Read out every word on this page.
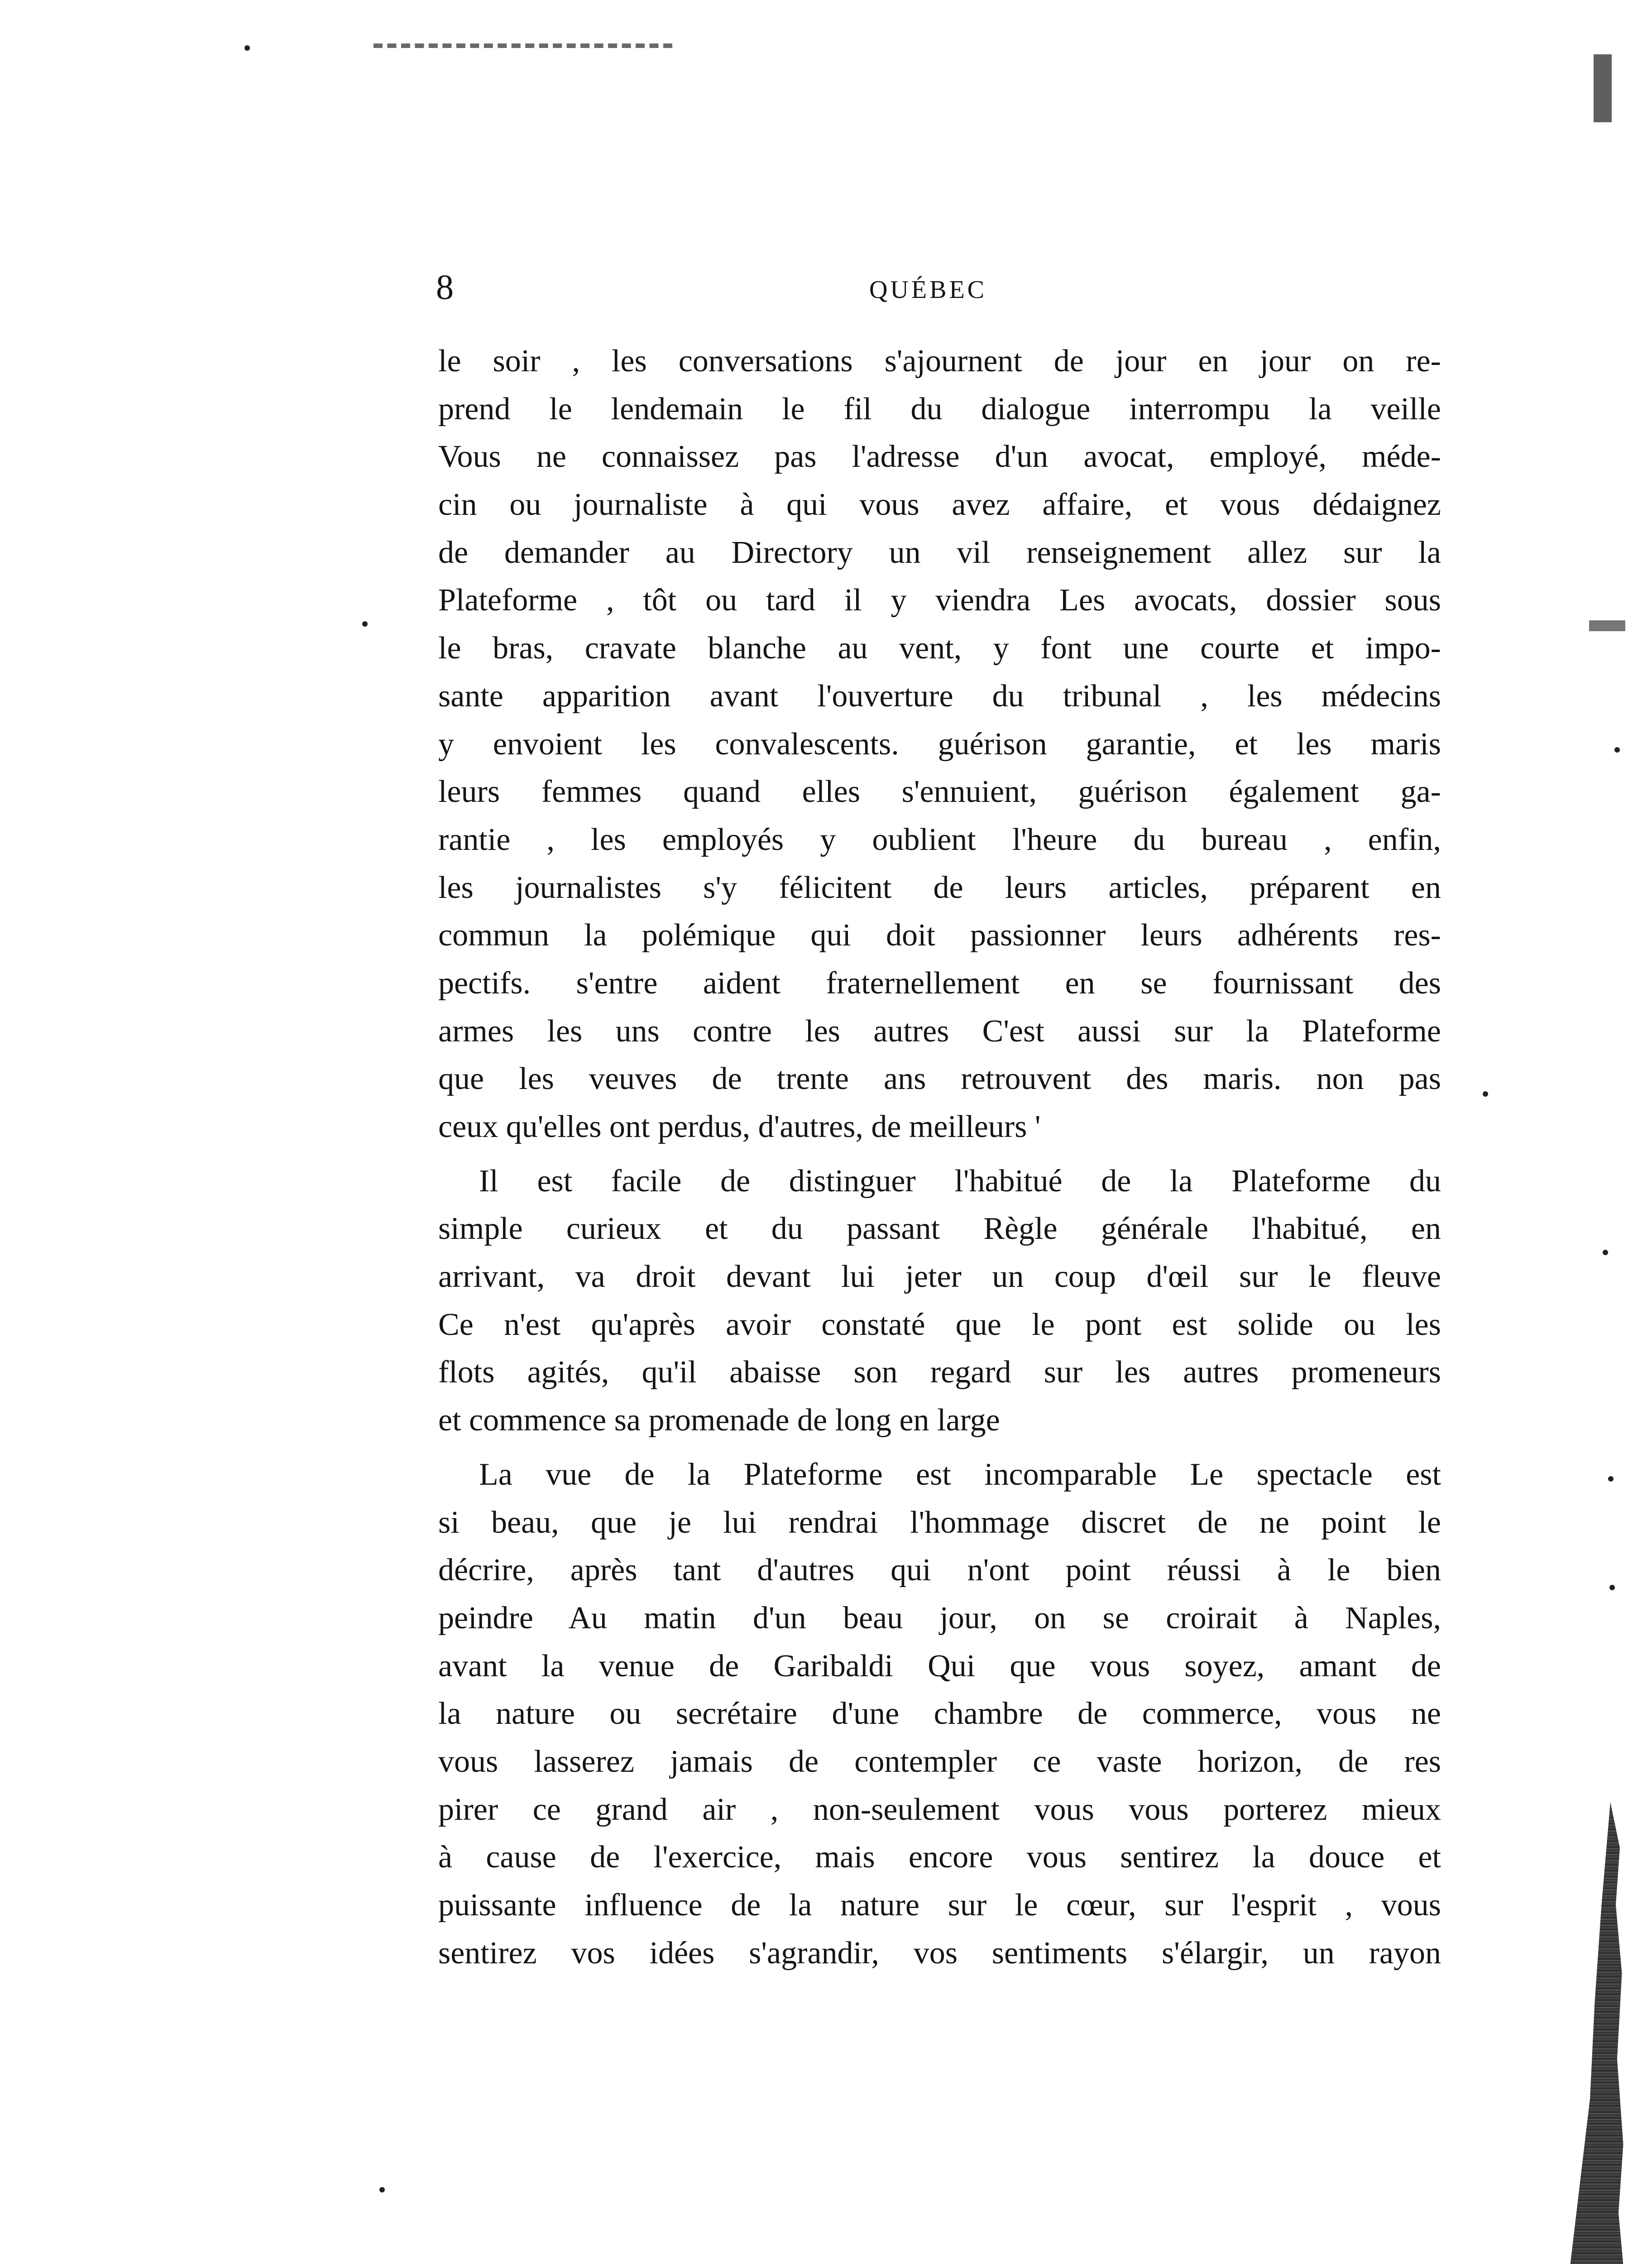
8	QUÉBEC
le soir , les conversations s'ajournent de jour en jour on re-
prend le lendemain le fil du dialogue interrompu la veille
Vous ne connaissez pas l'adresse d'un avocat, employé, méde-
cin ou journaliste à qui vous avez affaire, et vous dédaignez
de demander au Directory un vil renseignement allez sur la
Plateforme , tôt ou tard il y viendra Les avocats, dossier sous
le bras, cravate blanche au vent, y font une courte et impo-
sante apparition avant l'ouverture du tribunal , les médecins
y envoient les convalescents. guérison garantie, et les maris
leurs femmes quand elles s'ennuient, guérison également ga-
rantie , les employés y oublient l'heure du bureau , enfin,
les journalistes s'y félicitent de leurs articles, préparent en
commun la polémique qui doit passionner leurs adhérents res-
pectifs. s'entre aident fraternellement en se fournissant des
armes les uns contre les autres C'est aussi sur la Plateforme
que les veuves de trente ans retrouvent des maris. non pas
ceux qu'elles ont perdus, d'autres, de meilleurs '
Il est facile de distinguer l'habitué de la Plateforme du
simple curieux et du passant Règle générale l'habitué, en
arrivant, va droit devant lui jeter un coup d'œil sur le fleuve
Ce n'est qu'après avoir constaté que le pont est solide ou les
flots agités, qu'il abaisse son regard sur les autres promeneurs
et commence sa promenade de long en large
La vue de la Plateforme est incomparable Le spectacle est
si beau, que je lui rendrai l'hommage discret de ne point le
décrire, après tant d'autres qui n'ont point réussi à le bien
peindre Au matin d'un beau jour, on se croirait à Naples,
avant la venue de Garibaldi Qui que vous soyez, amant de
la nature ou secrétaire d'une chambre de commerce, vous ne
vous lasserez jamais de contempler ce vaste horizon, de res
pirer ce grand air , non-seulement vous vous porterez mieux
à cause de l'exercice, mais encore vous sentirez la douce et
puissante influence de la nature sur le cœur, sur l'esprit , vous
sentirez vos idées s'agrandir, vos sentiments s'élargir, un rayon
